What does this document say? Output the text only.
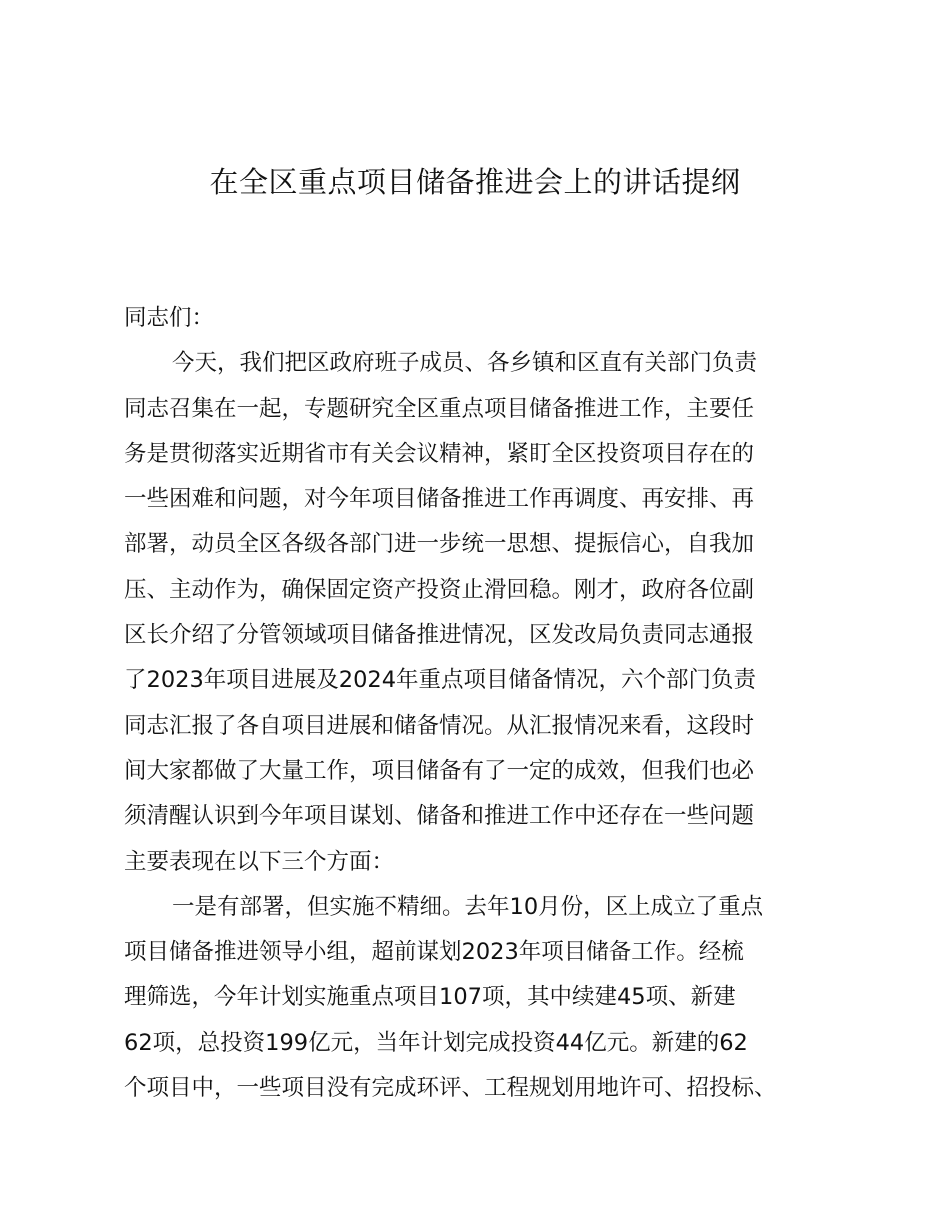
在全区重点项目储备推进会上的讲话提纲
同志们：
今天，我们把区政府班子成员、各乡镇和区直有关部门负责
同志召集在一起，专题研究全区重点项目储备推进工作，主要任
务是贯彻落实近期省市有关会议精神，紧盯全区投资项目存在的
一些困难和问题，对今年项目储备推进工作再调度、再安排、再
部署，动员全区各级各部门进一步统一思想、提振信心，自我加
压、主动作为，确保固定资产投资止滑回稳。刚才，政府各位副
区长介绍了分管领域项目储备推进情况，区发改局负责同志通报
了2023年项目进展及2024年重点项目储备情况，六个部门负责
同志汇报了各自项目进展和储备情况。从汇报情况来看，这段时
间大家都做了大量工作，项目储备有了一定的成效，但我们也必
须清醒认识到今年项目谋划、储备和推进工作中还存在一些问题
主要表现在以下三个方面：
一是有部署，但实施不精细。去年10月份，区上成立了重点
项目储备推进领导小组，超前谋划2023年项目储备工作。经梳
理筛选，今年计划实施重点项目107项，其中续建45项、新建
62项，总投资199亿元，当年计划完成投资44亿元。新建的62
个项目中，一些项目没有完成环评、工程规划用地许可、招投标、
